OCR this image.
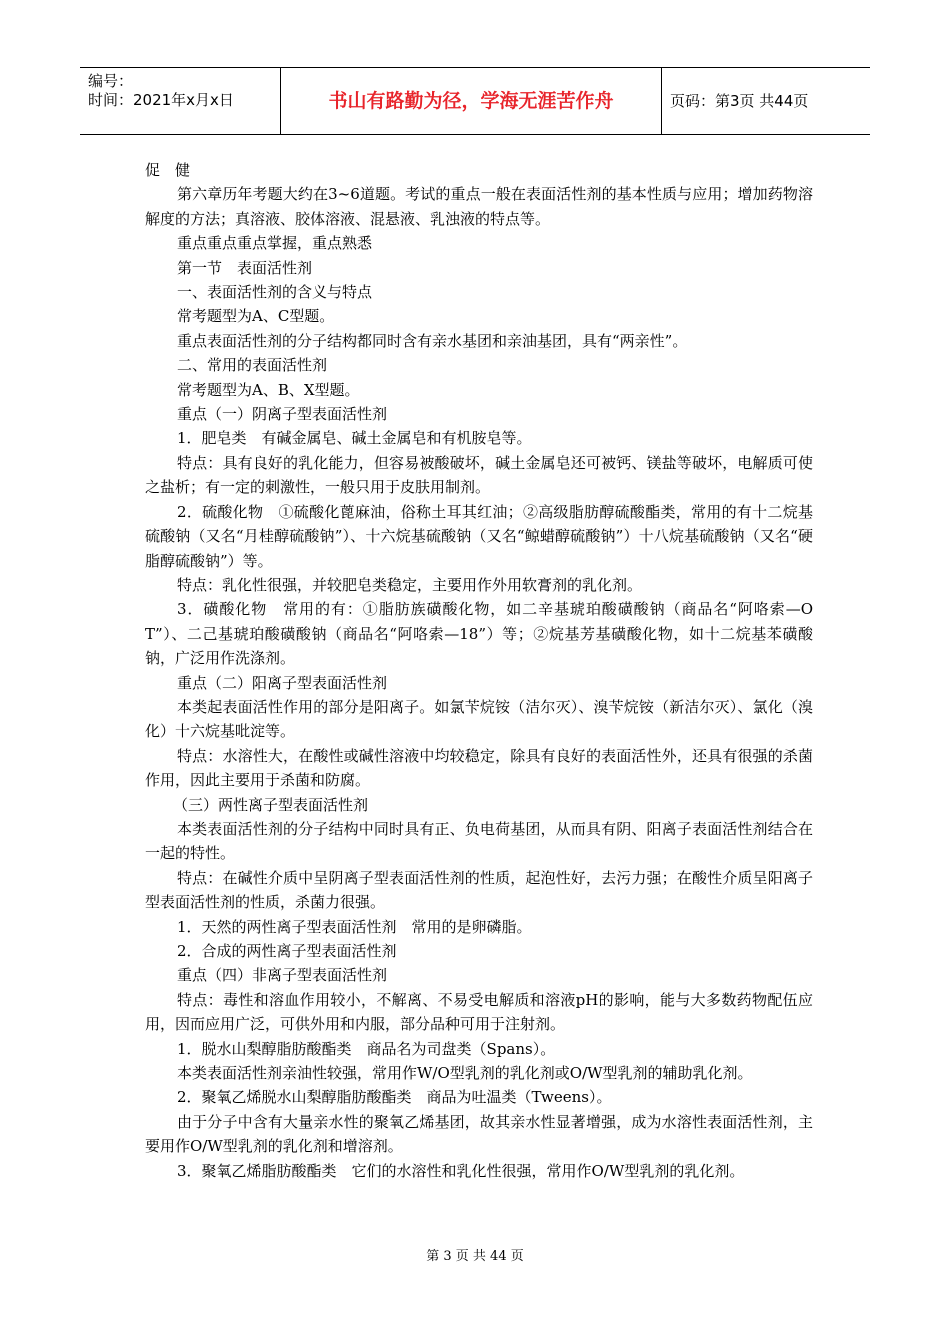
编号：
时间：2021年x月x日	书山有路勤为径，学海无涯苦作舟	页码：第3页 共44页

促　健

第六章历年考题大约在3~6道题。考试的重点一般在表面活性剂的基本性质与应用；增加药物溶解度的方法；真溶液、胶体溶液、混悬液、乳浊液的特点等。

重点重点重点掌握，重点熟悉

第一节　表面活性剂

一、表面活性剂的含义与特点

常考题型为A、C型题。

重点表面活性剂的分子结构都同时含有亲水基团和亲油基团，具有“两亲性”。

二、常用的表面活性剂

常考题型为A、B、X型题。

重点（一）阴离子型表面活性剂

1．肥皂类　有碱金属皂、碱土金属皂和有机胺皂等。

特点：具有良好的乳化能力，但容易被酸破坏，碱土金属皂还可被钙、镁盐等破坏，电解质可使之盐析；有一定的刺激性，一般只用于皮肤用制剂。

2．硫酸化物　①硫酸化蓖麻油，俗称土耳其红油；②高级脂肪醇硫酸酯类，常用的有十二烷基硫酸钠（又名“月桂醇硫酸钠”）、十六烷基硫酸钠（又名“鲸蜡醇硫酸钠”）十八烷基硫酸钠（又名“硬脂醇硫酸钠”）等。

特点：乳化性很强，并较肥皂类稳定，主要用作外用软膏剂的乳化剂。

3．磺酸化物　常用的有：①脂肪族磺酸化物，如二辛基琥珀酸磺酸钠（商品名“阿咯索—OT”）、二己基琥珀酸磺酸钠（商品名“阿咯索—18”）等；②烷基芳基磺酸化物，如十二烷基苯磺酸钠，广泛用作洗涤剂。

重点（二）阳离子型表面活性剂

本类起表面活性作用的部分是阳离子。如氯苄烷铵（洁尔灭）、溴苄烷铵（新洁尔灭）、氯化（溴化）十六烷基吡淀等。

特点：水溶性大，在酸性或碱性溶液中均较稳定，除具有良好的表面活性外，还具有很强的杀菌作用，因此主要用于杀菌和防腐。

（三）两性离子型表面活性剂

本类表面活性剂的分子结构中同时具有正、负电荷基团，从而具有阴、阳离子表面活性剂结合在一起的特性。

特点：在碱性介质中呈阴离子型表面活性剂的性质，起泡性好，去污力强；在酸性介质呈阳离子型表面活性剂的性质，杀菌力很强。

1．天然的两性离子型表面活性剂　常用的是卵磷脂。

2．合成的两性离子型表面活性剂

重点（四）非离子型表面活性剂

特点：毒性和溶血作用较小，不解离、不易受电解质和溶液pH的影响，能与大多数药物配伍应用，因而应用广泛，可供外用和内服，部分品种可用于注射剂。

1．脱水山梨醇脂肪酸酯类　商品名为司盘类（Spans）。

本类表面活性剂亲油性较强，常用作W/O型乳剂的乳化剂或O/W型乳剂的辅助乳化剂。

2．聚氧乙烯脱水山梨醇脂肪酸酯类　商品为吐温类（Tweens）。

由于分子中含有大量亲水性的聚氧乙烯基团，故其亲水性显著增强，成为水溶性表面活性剂，主要用作O/W型乳剂的乳化剂和增溶剂。

3．聚氧乙烯脂肪酸酯类　它们的水溶性和乳化性很强，常用作O/W型乳剂的乳化剂。

第 3 页 共 44 页
